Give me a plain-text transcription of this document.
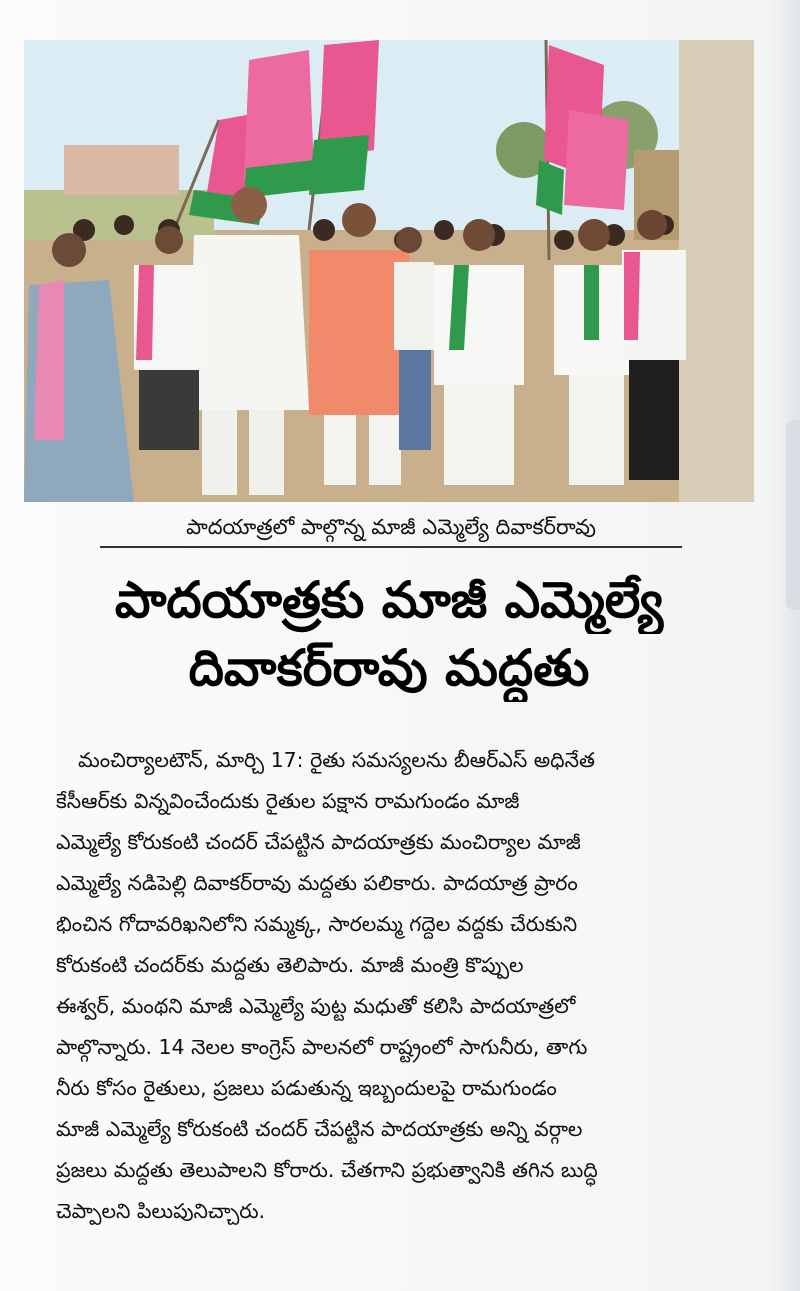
పాదయాత్రలో పాల్గొన్న మాజీ ఎమ్మెల్యే దివాకర్‌రావు
పాదయాత్రకు మాజీ ఎమ్మెల్యే
దివాకర్‌రావు మద్దతు
మంచిర్యాలటౌన్, మార్చి 17: రైతు సమస్యలను బీఆర్ఎస్ అధినేత
కేసీఆర్‌కు విన్నవించేందుకు రైతుల పక్షాన రామగుండం మాజీ
ఎమ్మెల్యే కోరుకంటి చందర్ చేపట్టిన పాదయాత్రకు మంచిర్యాల మాజీ
ఎమ్మెల్యే నడిపెల్లి దివాకర్‌రావు మద్దతు పలికారు. పాదయాత్ర ప్రారం
భించిన గోదావరిఖనిలోని సమ్మక్క, సారలమ్మ గద్దెల వద్దకు చేరుకుని
కోరుకంటి చందర్‌కు మద్దతు తెలిపారు. మాజీ మంత్రి కొప్పుల
ఈశ్వర్, మంథని మాజీ ఎమ్మెల్యే పుట్ట మధుతో కలిసి పాదయాత్రలో
పాల్గొన్నారు. 14 నెలల కాంగ్రెస్ పాలనలో రాష్ట్రంలో సాగునీరు, తాగు
నీరు కోసం రైతులు, ప్రజలు పడుతున్న ఇబ్బందులపై రామగుండం
మాజీ ఎమ్మెల్యే కోరుకంటి చందర్ చేపట్టిన పాదయాత్రకు అన్ని వర్గాల
ప్రజలు మద్దతు తెలుపాలని కోరారు. చేతగాని ప్రభుత్వానికి తగిన బుద్ధి
చెప్పాలని పిలుపునిచ్చారు.
